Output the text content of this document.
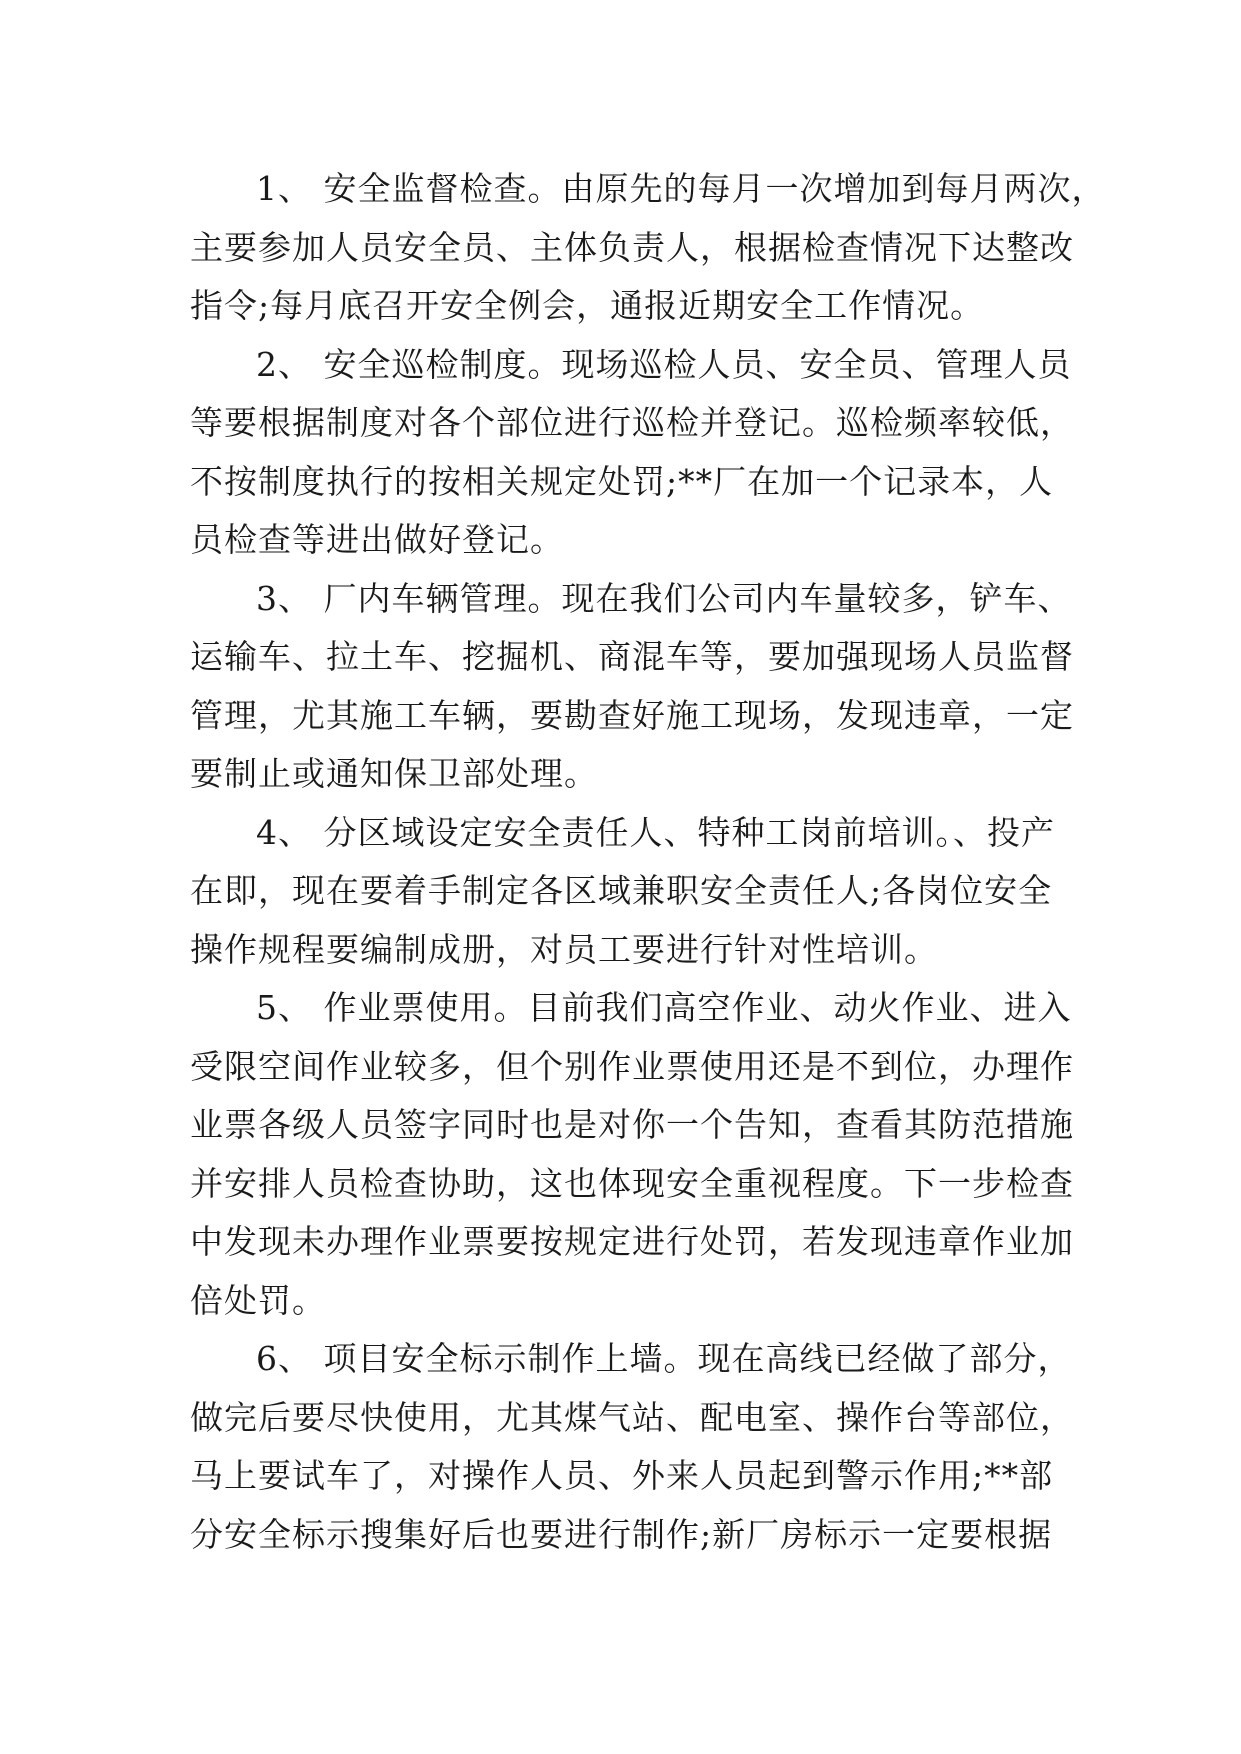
1、 安全监督检查。由原先的每月一次增加到每月两次，
主要参加人员安全员、主体负责人，根据检查情况下达整改
指令;每月底召开安全例会，通报近期安全工作情况。
2、 安全巡检制度。现场巡检人员、安全员、管理人员
等要根据制度对各个部位进行巡检并登记。巡检频率较低，
不按制度执行的按相关规定处罚;**厂在加一个记录本，人
员检查等进出做好登记。
3、 厂内车辆管理。现在我们公司内车量较多，铲车、
运输车、拉土车、挖掘机、商混车等，要加强现场人员监督
管理，尤其施工车辆，要勘查好施工现场，发现违章，一定
要制止或通知保卫部处理。
4、 分区域设定安全责任人、特种工岗前培训。、投产
在即，现在要着手制定各区域兼职安全责任人;各岗位安全
操作规程要编制成册，对员工要进行针对性培训。
5、 作业票使用。目前我们高空作业、动火作业、进入
受限空间作业较多，但个别作业票使用还是不到位，办理作
业票各级人员签字同时也是对你一个告知，查看其防范措施
并安排人员检查协助，这也体现安全重视程度。下一步检查
中发现未办理作业票要按规定进行处罚，若发现违章作业加
倍处罚。
6、 项目安全标示制作上墙。现在高线已经做了部分，
做完后要尽快使用，尤其煤气站、配电室、操作台等部位，
马上要试车了，对操作人员、外来人员起到警示作用;**部
分安全标示搜集好后也要进行制作;新厂房标示一定要根据
